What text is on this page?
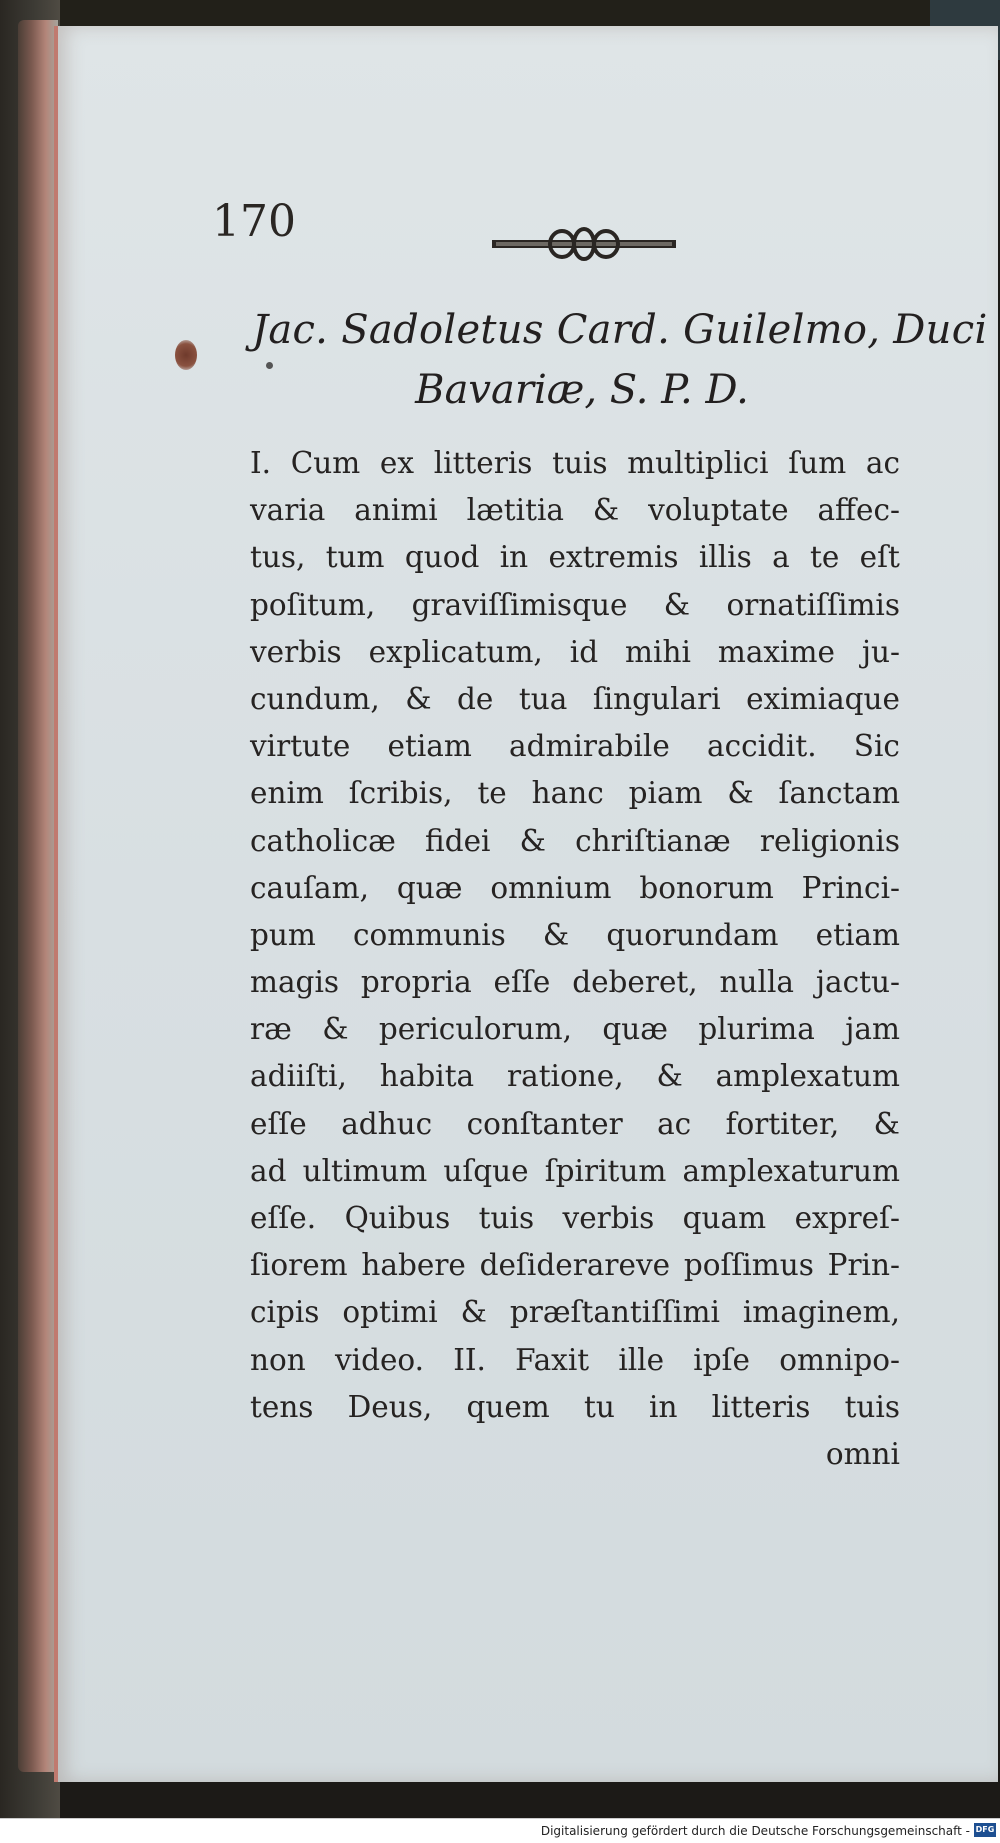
170
Jac. Sadoletus Card. Guilelmo, Duci
Bavariæ, S. P. D.
I. Cum ex litteris tuis multiplici ſum ac
varia animi lætitia & voluptate affec-
tus, tum quod in extremis illis a te eſt
poſitum, graviſſimisque & ornatiſſimis
verbis explicatum, id mihi maxime ju-
cundum, & de tua ſingulari eximiaque
virtute etiam admirabile accidit. Sic
enim ſcribis, te hanc piam & ſanctam
catholicæ fidei & chriſtianæ religionis
cauſam, quæ omnium bonorum Princi-
pum communis & quorundam etiam
magis propria eſſe deberet, nulla jactu-
ræ & periculorum, quæ plurima jam
adiiſti, habita ratione, & amplexatum
eſſe adhuc conſtanter ac fortiter, &
ad ultimum uſque ſpiritum amplexaturum
eſſe. Quibus tuis verbis quam expreſ-
ſiorem habere deſiderareve poſſimus Prin-
cipis optimi & præſtantiſſimi imaginem,
non video. II. Faxit ille ipſe omnipo-
tens Deus, quem tu in litteris tuis
omni
Digitalisierung gefördert durch die Deutsche Forschungsgemeinschaft - DFG
